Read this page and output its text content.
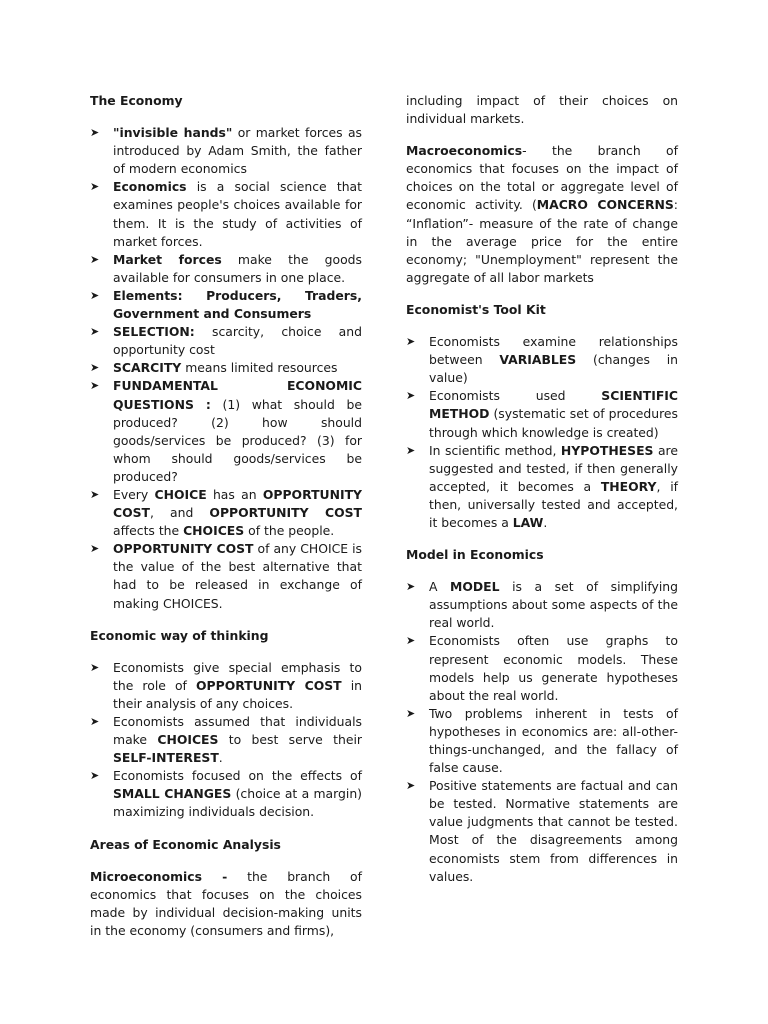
The Economy
➤	"invisible hands" or market forces as introduced by Adam Smith, the father of modern economics
➤	Economics is a social science that examines people's choices available for them. It is the study of activities of market forces.
➤	Market forces make the goods available for consumers in one place.
➤	Elements: Producers, Traders, Government and Consumers
➤	SELECTION: scarcity, choice and opportunity cost
➤	SCARCITY means limited resources
➤	FUNDAMENTAL ECONOMIC QUESTIONS : (1) what should be produced? (2) how should goods/services be produced? (3) for whom should goods/services be produced?
➤	Every CHOICE has an OPPORTUNITY COST, and OPPORTUNITY COST affects the CHOICES of the people.
➤	OPPORTUNITY COST of any CHOICE is the value of the best alternative that had to be released in exchange of making CHOICES.
Economic way of thinking
➤	Economists give special emphasis to the role of OPPORTUNITY COST in their analysis of any choices.
➤	Economists assumed that individuals make CHOICES to best serve their SELF-INTEREST.
➤	Economists focused on the effects of SMALL CHANGES (choice at a margin) maximizing individuals decision.
Areas of Economic Analysis

Microeconomics - the branch of economics that focuses on the choices made by individual decision-making units in the economy (consumers and firms),

including impact of their choices on individual markets.

Macroeconomics- the branch of economics that focuses on the impact of choices on the total or aggregate level of economic activity. (MACRO CONCERNS: “Inflation”- measure of the rate of change in the average price for the entire economy; "Unemployment" represent the aggregate of all labor markets

Economist's Tool Kit
➤	Economists examine relationships between VARIABLES (changes in value)
➤	Economists used SCIENTIFIC METHOD (systematic set of procedures through which knowledge is created)
➤	In scientific method, HYPOTHESES are suggested and tested, if then generally accepted, it becomes a THEORY, if then, universally tested and accepted, it becomes a LAW.
Model in Economics
➤	A MODEL is a set of simplifying assumptions about some aspects of the real world.
➤	Economists often use graphs to represent economic models. These models help us generate hypotheses about the real world.
➤	Two problems inherent in tests of hypotheses in economics are: all-other-things-unchanged, and the fallacy of false cause.
➤	Positive statements are factual and can be tested. Normative statements are value judgments that cannot be tested. Most of the disagreements among economists stem from differences in values.
